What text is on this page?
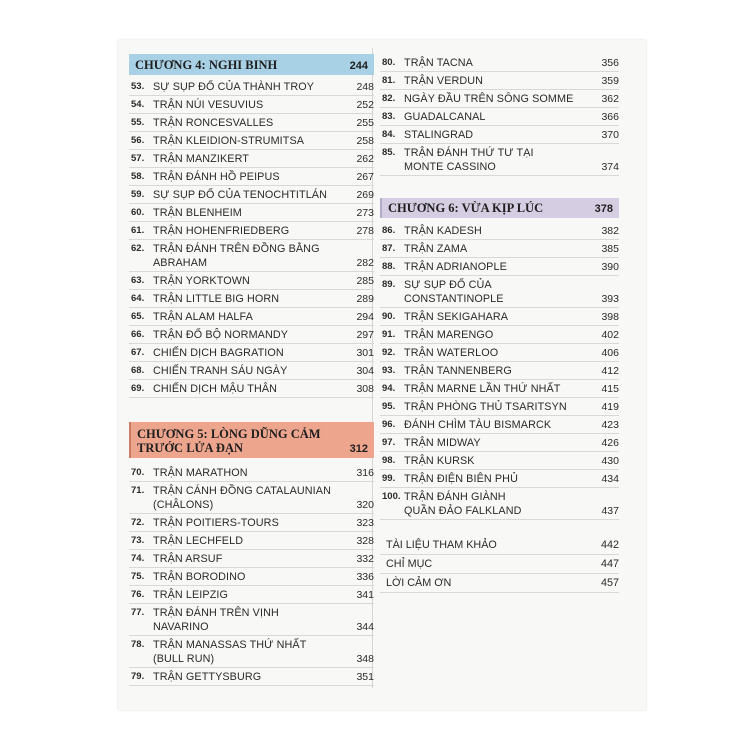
CHƯƠNG 4: NGHI BINH	244
53. SỰ SỤP ĐỔ CỦA THÀNH TROY	248
54. TRẬN NÚI VESUVIUS	252
55. TRẬN RONCESVALLES	255
56. TRẬN KLEIDION-STRUMITSA	258
57. TRẬN MANZIKERT	262
58. TRẬN ĐÁNH HỒ PEIPUS	267
59. SỰ SỤP ĐỔ CỦA TENOCHTITLÁN	269
60. TRẬN BLENHEIM	273
61. TRẬN HOHENFRIEDBERG	278
62. TRẬN ĐÁNH TRÊN ĐỒNG BẰNG
ABRAHAM	282
63. TRẬN YORKTOWN	285
64. TRẬN LITTLE BIG HORN	289
65. TRẬN ALAM HALFA	294
66. TRẬN ĐỔ BỘ NORMANDY	297
67. CHIẾN DỊCH BAGRATION	301
68. CHIẾN TRANH SÁU NGÀY	304
69. CHIẾN DỊCH MẬU THÂN	308
CHƯƠNG 5: LÒNG DŨNG CẢM
TRƯỚC LỬA ĐẠN	312
70. TRẬN MARATHON	316
71. TRẬN CÁNH ĐỒNG CATALAUNIAN
(CHÂLONS)	320
72. TRẬN POITIERS-TOURS	323
73. TRẬN LECHFELD	328
74. TRẬN ARSUF	332
75. TRẬN BORODINO	336
76. TRẬN LEIPZIG	341
77. TRẬN ĐÁNH TRÊN VỊNH
NAVARINO	344
78. TRẬN MANASSAS THỨ NHẤT
(BULL RUN)	348
79. TRẬN GETTYSBURG	351
80. TRẬN TACNA	356
81. TRẬN VERDUN	359
82. NGÀY ĐẦU TRÊN SÔNG SOMME	362
83. GUADALCANAL	366
84. STALINGRAD	370
85. TRẬN ĐÁNH THỨ TƯ TẠI
MONTE CASSINO	374
CHƯƠNG 6: VỪA KỊP LÚC	378
86. TRẬN KADESH	382
87. TRẬN ZAMA	385
88. TRẬN ADRIANOPLE	390
89. SỰ SỤP ĐỔ CỦA
CONSTANTINOPLE	393
90. TRẬN SEKIGAHARA	398
91. TRẬN MARENGO	402
92. TRẬN WATERLOO	406
93. TRẬN TANNENBERG	412
94. TRẬN MARNE LẦN THỨ NHẤT	415
95. TRẬN PHÒNG THỦ TSARITSYN	419
96. ĐÁNH CHÌM TÀU BISMARCK	423
97. TRẬN MIDWAY	426
98. TRẬN KURSK	430
99. TRẬN ĐIỆN BIÊN PHỦ	434
100. TRẬN ĐÁNH GIÀNH
QUẦN ĐẢO FALKLAND	437
TÀI LIỆU THAM KHẢO	442
CHỈ MỤC	447
LỜI CẢM ƠN	457
